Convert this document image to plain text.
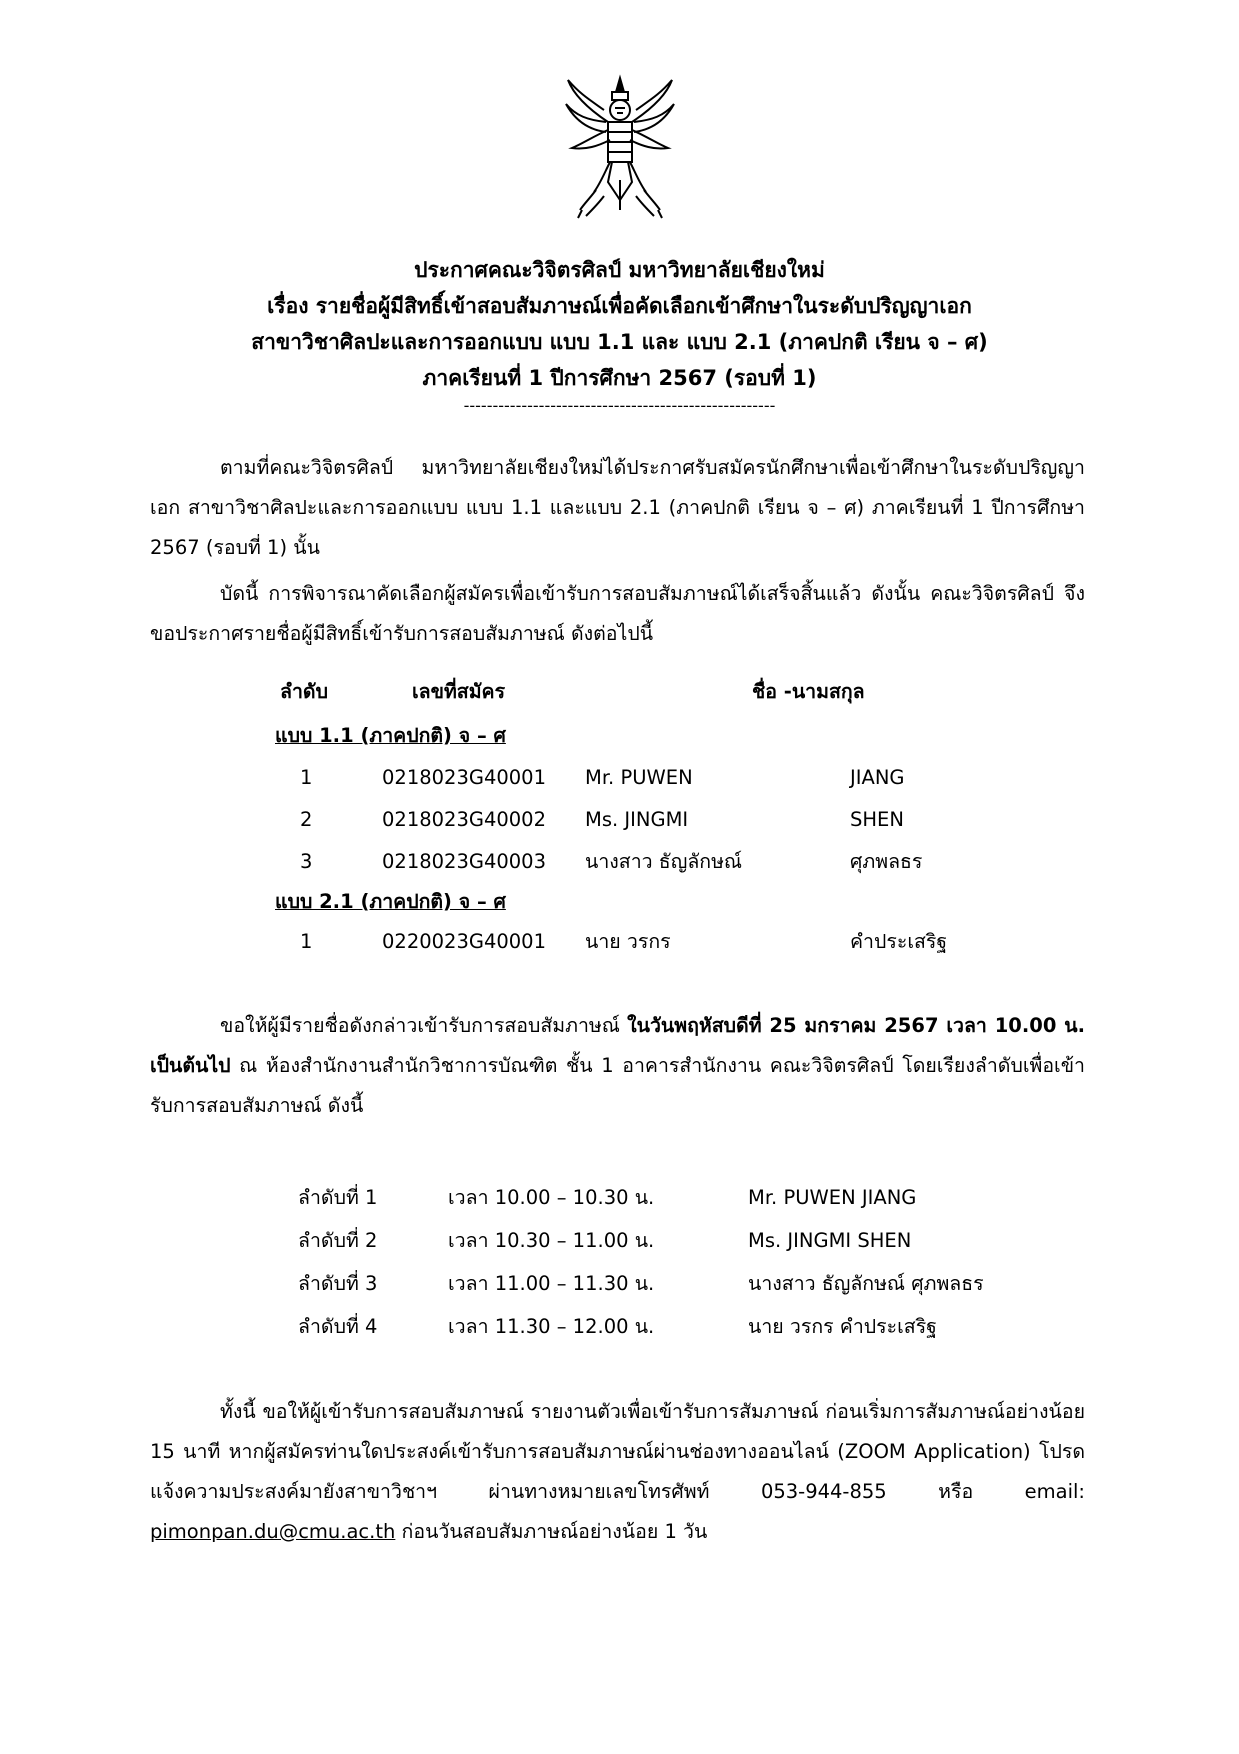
ประกาศคณะวิจิตรศิลป์ มหาวิทยาลัยเชียงใหม่
เรื่อง รายชื่อผู้มีสิทธิ์เข้าสอบสัมภาษณ์เพื่อคัดเลือกเข้าศึกษาในระดับปริญญาเอก
สาขาวิชาศิลปะและการออกแบบ แบบ 1.1 และ แบบ 2.1 (ภาคปกติ เรียน จ – ศ)
ภาคเรียนที่ 1 ปีการศึกษา 2567 (รอบที่ 1)
------------------------------------------------------
ตามที่คณะวิจิตรศิลป์ มหาวิทยาลัยเชียงใหม่ได้ประกาศรับสมัครนักศึกษาเพื่อเข้าศึกษาในระดับปริญญาเอก สาขาวิชาศิลปะและการออกแบบ แบบ 1.1 และแบบ 2.1 (ภาคปกติ เรียน จ – ศ) ภาคเรียนที่ 1 ปีการศึกษา 2567 (รอบที่ 1) นั้น
บัดนี้ การพิจารณาคัดเลือกผู้สมัครเพื่อเข้ารับการสอบสัมภาษณ์ได้เสร็จสิ้นแล้ว ดังนั้น คณะวิจิตรศิลป์ จึงขอประกาศรายชื่อผู้มีสิทธิ์เข้ารับการสอบสัมภาษณ์ ดังต่อไปนี้
ลำดับ	เลขที่สมัคร	ชื่อ -นามสกุล
แบบ 1.1 (ภาคปกติ) จ – ศ
1	0218023G40001 Mr. PUWEN	JIANG
2	0218023G40002 Ms. JINGMI	SHEN
3	0218023G40003 นางสาว ธัญลักษณ์	ศุภพลธร
แบบ 2.1 (ภาคปกติ) จ – ศ
1	0220023G40001 นาย วรกร	คำประเสริฐ
ขอให้ผู้มีรายชื่อดังกล่าวเข้ารับการสอบสัมภาษณ์ ในวันพฤหัสบดีที่ 25 มกราคม 2567 เวลา 10.00 น. เป็นต้นไป ณ ห้องสำนักงานสำนักวิชาการบัณฑิต ชั้น 1 อาคารสำนักงาน คณะวิจิตรศิลป์ โดยเรียงลำดับเพื่อเข้ารับการสอบสัมภาษณ์ ดังนี้
ลำดับที่ 1	เวลา 10.00 – 10.30 น.	Mr. PUWEN JIANG
ลำดับที่ 2	เวลา 10.30 – 11.00 น.	Ms. JINGMI SHEN
ลำดับที่ 3	เวลา 11.00 – 11.30 น.	นางสาว ธัญลักษณ์ ศุภพลธร
ลำดับที่ 4	เวลา 11.30 – 12.00 น.	นาย วรกร คำประเสริฐ
ทั้งนี้ ขอให้ผู้เข้ารับการสอบสัมภาษณ์ รายงานตัวเพื่อเข้ารับการสัมภาษณ์ ก่อนเริ่มการสัมภาษณ์อย่างน้อย 15 นาที หากผู้สมัครท่านใดประสงค์เข้ารับการสอบสัมภาษณ์ผ่านช่องทางออนไลน์ (ZOOM Application) โปรดแจ้งความประสงค์มายังสาขาวิชาฯ ผ่านทางหมายเลขโทรศัพท์ 053-944-855 หรือ email: pimonpan.du@cmu.ac.th ก่อนวันสอบสัมภาษณ์อย่างน้อย 1 วัน
